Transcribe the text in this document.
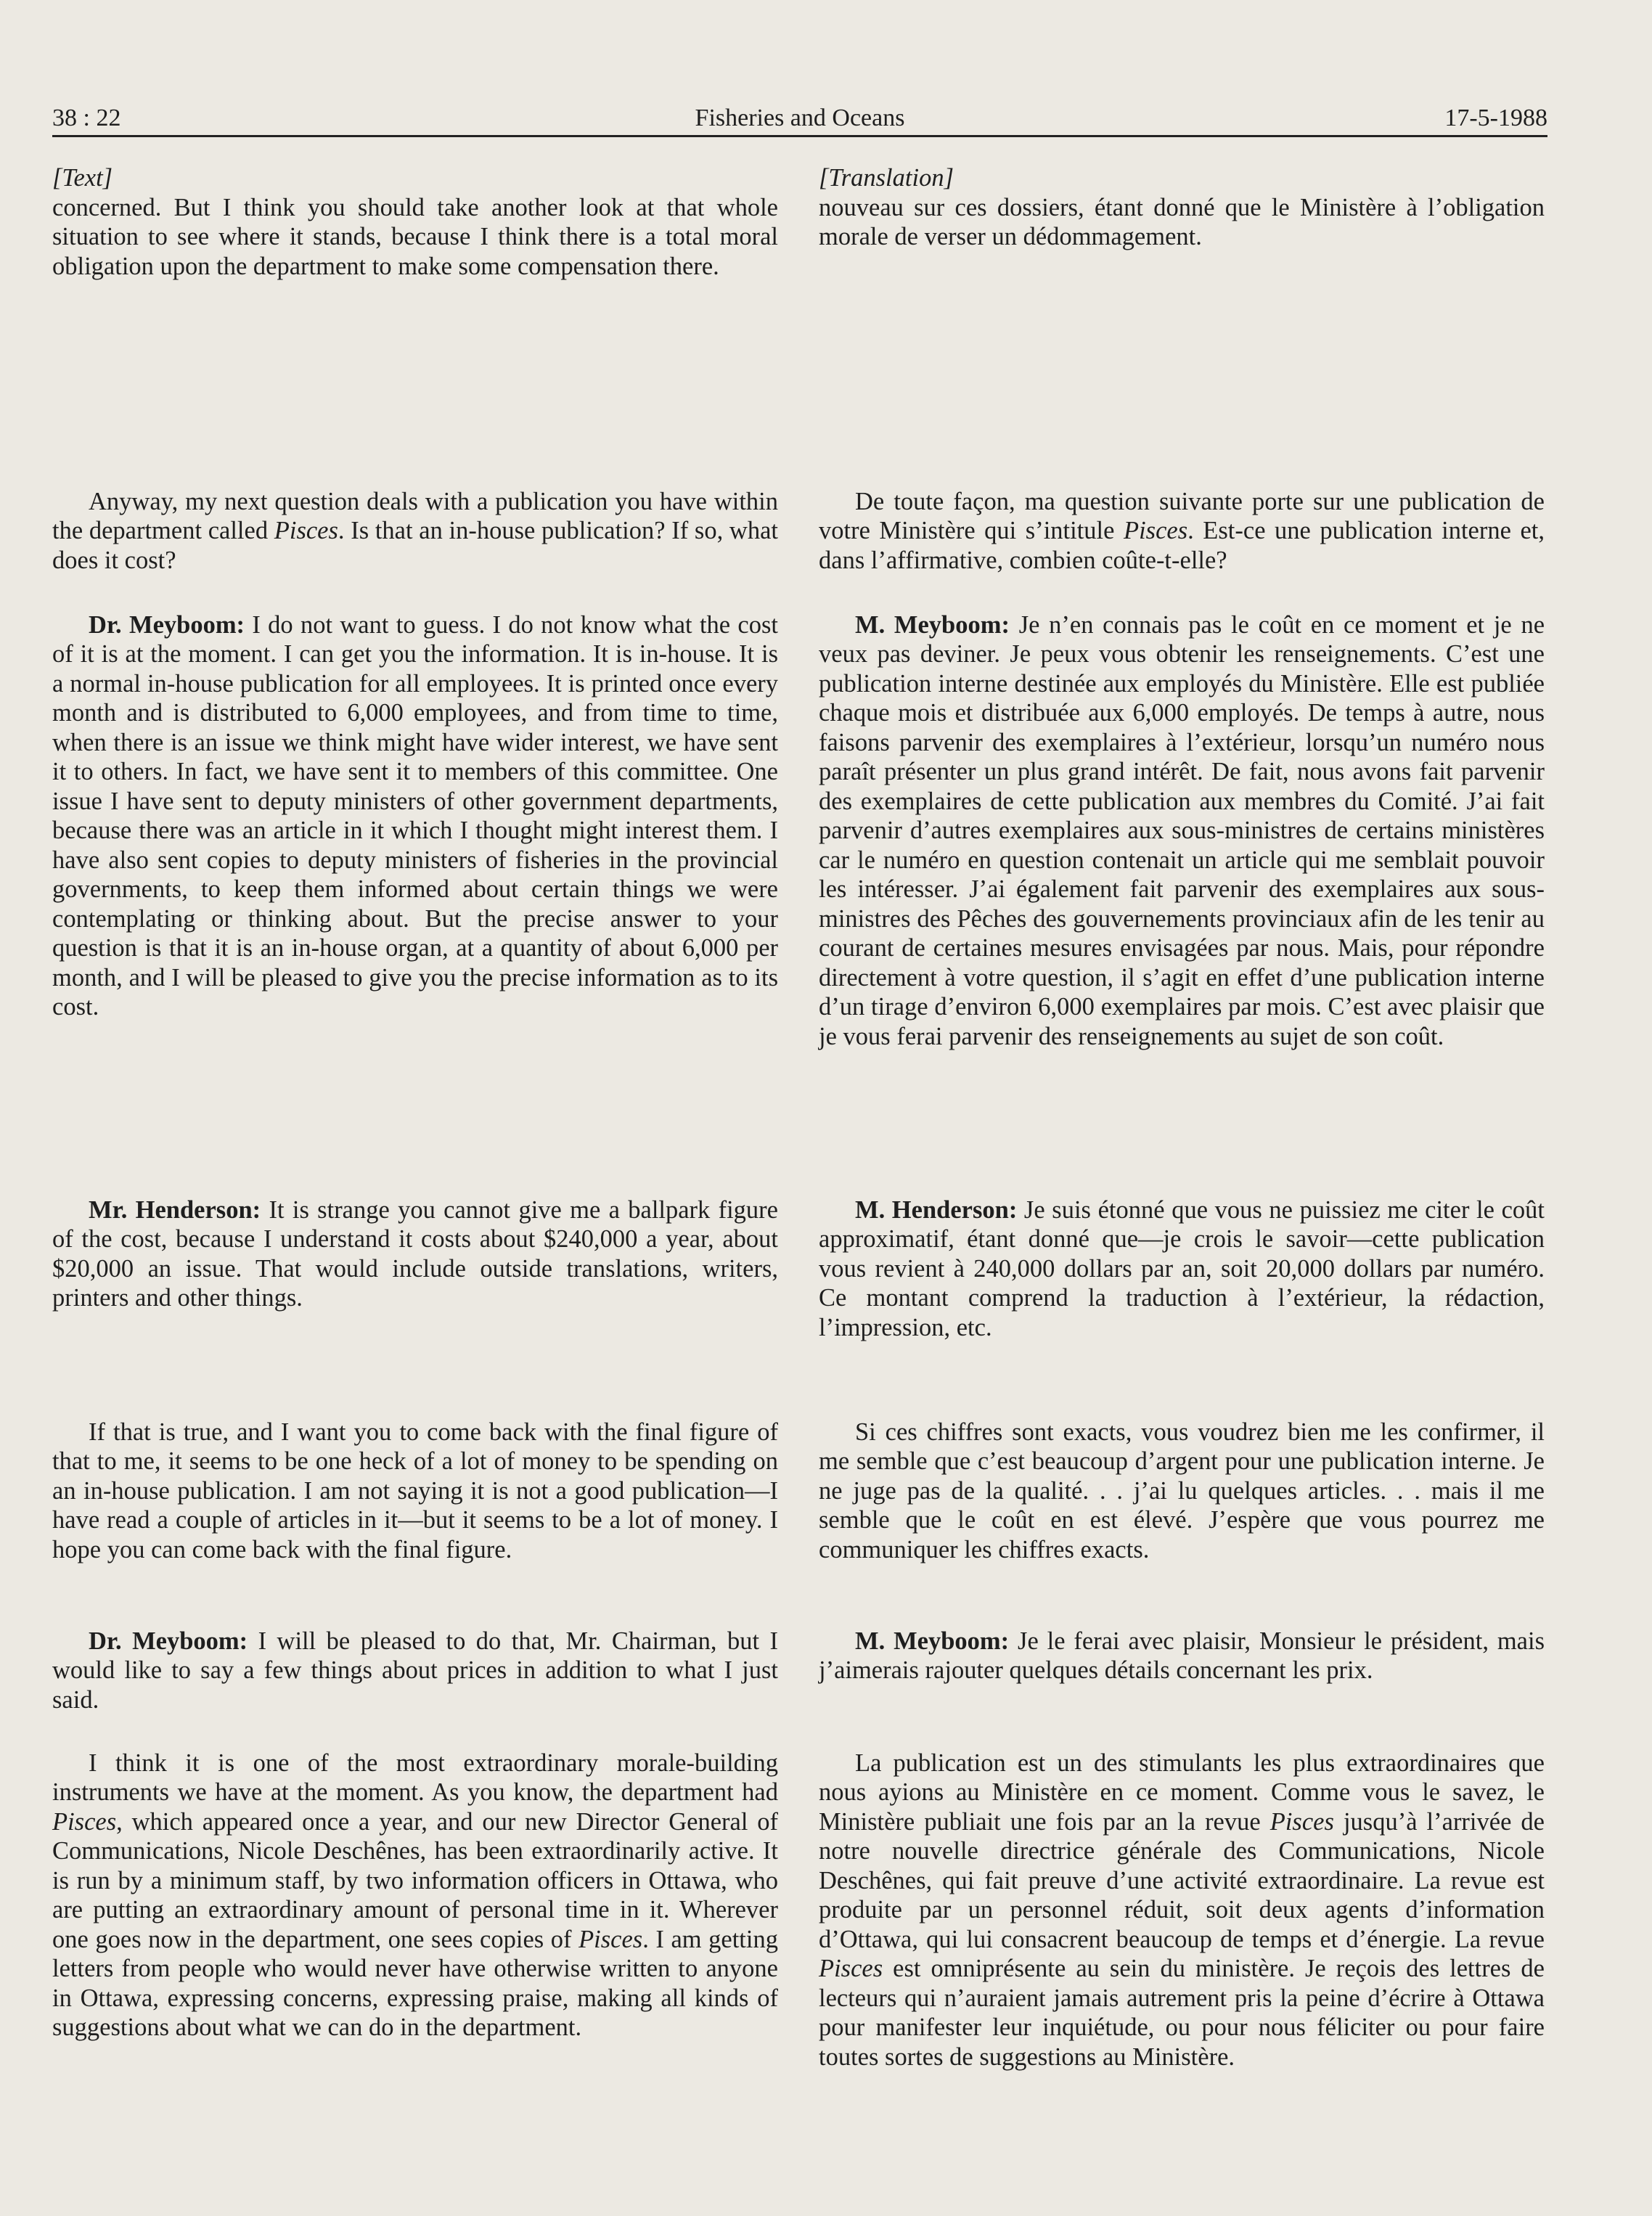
38 : 22	Fisheries and Oceans	17-5-1988

[Text]

concerned. But I think you should take another look at that whole situation to see where it stands, because I think there is a total moral obligation upon the department to make some compensation there.

Anyway, my next question deals with a publication you have within the department called Pisces. Is that an in-house publication? If so, what does it cost?

Dr. Meyboom: I do not want to guess. I do not know what the cost of it is at the moment. I can get you the information. It is in-house. It is a normal in-house publication for all employees. It is printed once every month and is distributed to 6,000 employees, and from time to time, when there is an issue we think might have wider interest, we have sent it to others. In fact, we have sent it to members of this committee. One issue I have sent to deputy ministers of other government departments, because there was an article in it which I thought might interest them. I have also sent copies to deputy ministers of fisheries in the provincial governments, to keep them informed about certain things we were contemplating or thinking about. But the precise answer to your question is that it is an in-house organ, at a quantity of about 6,000 per month, and I will be pleased to give you the precise information as to its cost.

Mr. Henderson: It is strange you cannot give me a ballpark figure of the cost, because I understand it costs about $240,000 a year, about $20,000 an issue. That would include outside translations, writers, printers and other things.

If that is true, and I want you to come back with the final figure of that to me, it seems to be one heck of a lot of money to be spending on an in-house publication. I am not saying it is not a good publication—I have read a couple of articles in it—but it seems to be a lot of money. I hope you can come back with the final figure.

Dr. Meyboom: I will be pleased to do that, Mr. Chairman, but I would like to say a few things about prices in addition to what I just said.

I think it is one of the most extraordinary morale-building instruments we have at the moment. As you know, the department had Pisces, which appeared once a year, and our new Director General of Communications, Nicole Deschênes, has been extraordinarily active. It is run by a minimum staff, by two information officers in Ottawa, who are putting an extraordinary amount of personal time in it. Wherever one goes now in the department, one sees copies of Pisces. I am getting letters from people who would never have otherwise written to anyone in Ottawa, expressing concerns, expressing praise, making all kinds of suggestions about what we can do in the department.

[Translation]

nouveau sur ces dossiers, étant donné que le Ministère à l’obligation morale de verser un dédommagement.

De toute façon, ma question suivante porte sur une publication de votre Ministère qui s’intitule Pisces. Est-ce une publication interne et, dans l’affirmative, combien coûte-t-elle?

M. Meyboom: Je n’en connais pas le coût en ce moment et je ne veux pas deviner. Je peux vous obtenir les renseignements. C’est une publication interne destinée aux employés du Ministère. Elle est publiée chaque mois et distribuée aux 6,000 employés. De temps à autre, nous faisons parvenir des exemplaires à l’extérieur, lorsqu’un numéro nous paraît présenter un plus grand intérêt. De fait, nous avons fait parvenir des exemplaires de cette publication aux membres du Comité. J’ai fait parvenir d’autres exemplaires aux sous-ministres de certains ministères car le numéro en question contenait un article qui me semblait pouvoir les intéresser. J’ai également fait parvenir des exemplaires aux sous-ministres des Pêches des gouvernements provinciaux afin de les tenir au courant de certaines mesures envisagées par nous. Mais, pour répondre directement à votre question, il s’agit en effet d’une publication interne d’un tirage d’environ 6,000 exemplaires par mois. C’est avec plaisir que je vous ferai parvenir des renseignements au sujet de son coût.

M. Henderson: Je suis étonné que vous ne puissiez me citer le coût approximatif, étant donné que—je crois le savoir—cette publication vous revient à 240,000 dollars par an, soit 20,000 dollars par numéro. Ce montant comprend la traduction à l’extérieur, la rédaction, l’impression, etc.

Si ces chiffres sont exacts, vous voudrez bien me les confirmer, il me semble que c’est beaucoup d’argent pour une publication interne. Je ne juge pas de la qualité. . . j’ai lu quelques articles. . . mais il me semble que le coût en est élevé. J’espère que vous pourrez me communiquer les chiffres exacts.

M. Meyboom: Je le ferai avec plaisir, Monsieur le président, mais j’aimerais rajouter quelques détails concernant les prix.

La publication est un des stimulants les plus extraordinaires que nous ayions au Ministère en ce moment. Comme vous le savez, le Ministère publiait une fois par an la revue Pisces jusqu’à l’arrivée de notre nouvelle directrice générale des Communications, Nicole Deschênes, qui fait preuve d’une activité extraordinaire. La revue est produite par un personnel réduit, soit deux agents d’information d’Ottawa, qui lui consacrent beaucoup de temps et d’énergie. La revue Pisces est omniprésente au sein du ministère. Je reçois des lettres de lecteurs qui n’auraient jamais autrement pris la peine d’écrire à Ottawa pour manifester leur inquiétude, ou pour nous féliciter ou pour faire toutes sortes de suggestions au Ministère.
